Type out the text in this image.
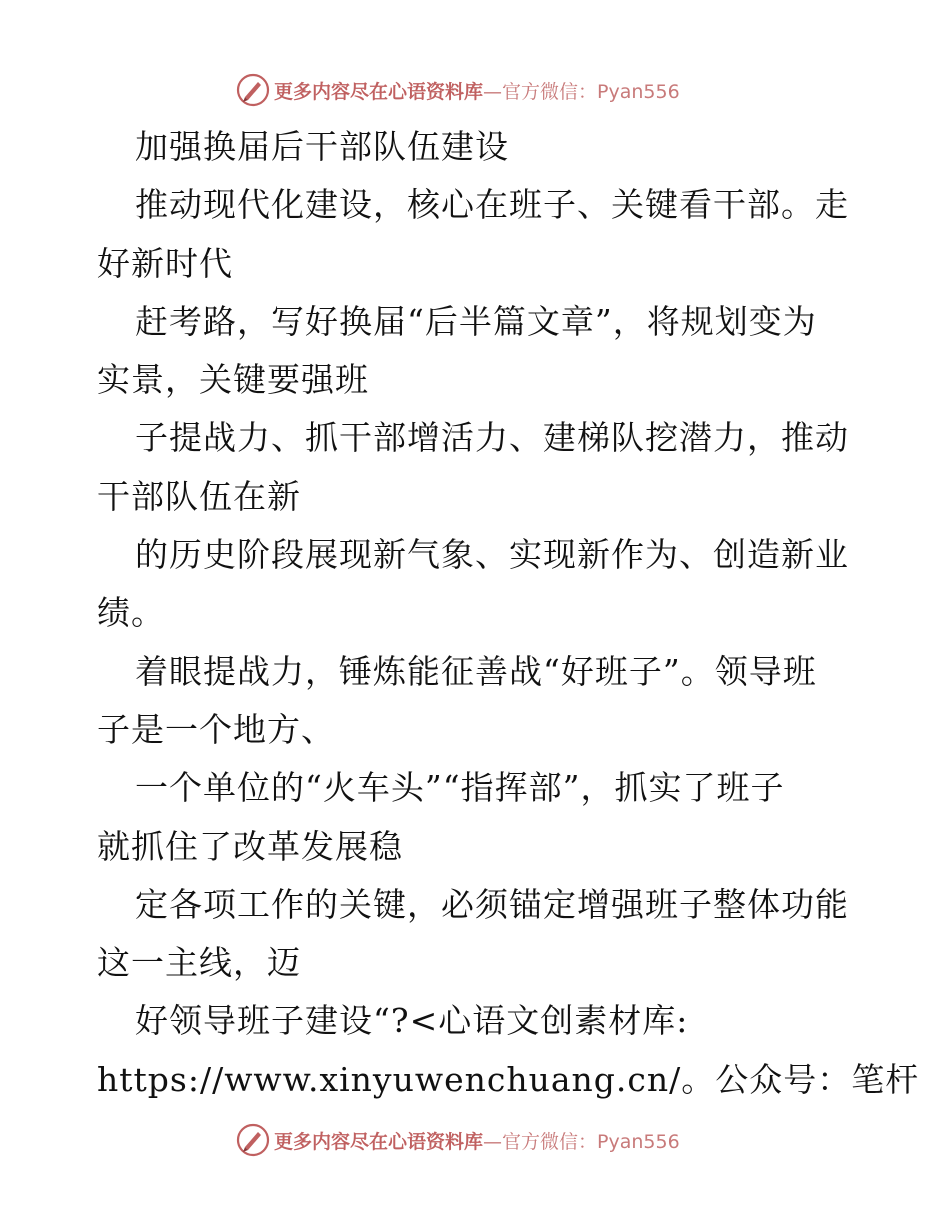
更多内容尽在心语资料库—官方微信：Pyan556
加强换届后干部队伍建设
推动现代化建设，核心在班子、关键看干部。走
好新时代
赶考路，写好换届“后半篇文章”，将规划变为
实景，关键要强班
子提战力、抓干部增活力、建梯队挖潜力，推动
干部队伍在新
的历史阶段展现新气象、实现新作为、创造新业
绩。
着眼提战力，锤炼能征善战“好班子”。领导班
子是一个地方、
一个单位的“火车头”“指挥部”，抓实了班子
就抓住了改革发展稳
定各项工作的关键，必须锚定增强班子整体功能
这一主线，迈
好领导班子建设“?<心语文创素材库:
https://www.xinyuwenchuang.cn/。公众号：笔杆
更多内容尽在心语资料库—官方微信：Pyan556
